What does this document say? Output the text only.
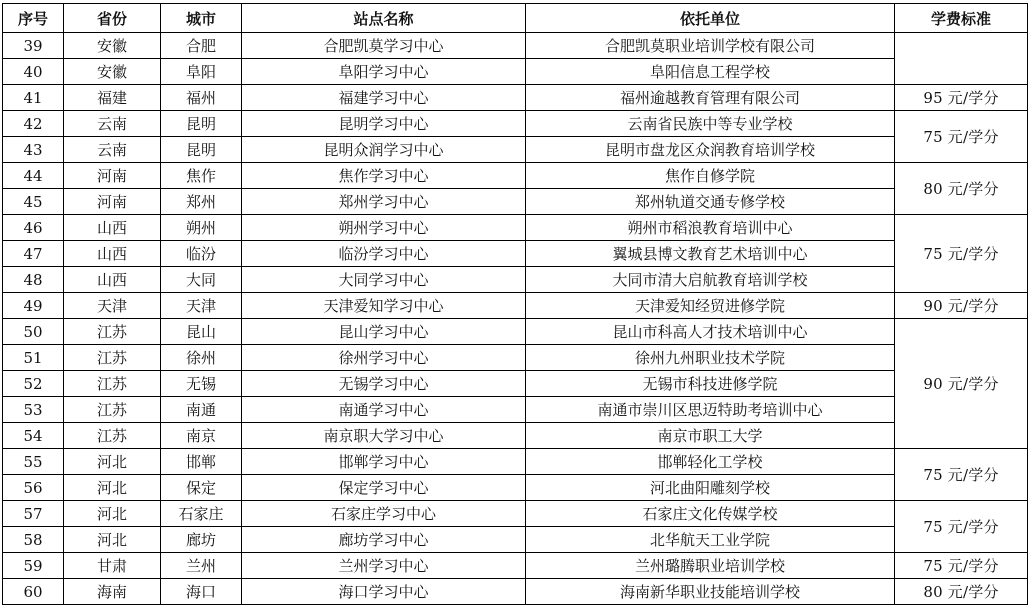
序号	省份	城市	站点名称	依托单位	学费标准
39	安徽	合肥	合肥凯莫学习中心	合肥凯莫职业培训学校有限公司	
40	安徽	阜阳	阜阳学习中心	阜阳信息工程学校	
41	福建	福州	福建学习中心	福州逾越教育管理有限公司	95 元/学分
42	云南	昆明	昆明学习中心	云南省民族中等专业学校	75 元/学分
43	云南	昆明	昆明众润学习中心	昆明市盘龙区众润教育培训学校	
44	河南	焦作	焦作学习中心	焦作自修学院	80 元/学分
45	河南	郑州	郑州学习中心	郑州轨道交通专修学校	
46	山西	朔州	朔州学习中心	朔州市稻浪教育培训中心	75 元/学分
47	山西	临汾	临汾学习中心	翼城县博文教育艺术培训中心	
48	山西	大同	大同学习中心	大同市清大启航教育培训学校	
49	天津	天津	天津爱知学习中心	天津爱知经贸进修学院	90 元/学分
50	江苏	昆山	昆山学习中心	昆山市科高人才技术培训中心	90 元/学分
51	江苏	徐州	徐州学习中心	徐州九州职业技术学院	
52	江苏	无锡	无锡学习中心	无锡市科技进修学院	
53	江苏	南通	南通学习中心	南通市崇川区思迈特助考培训中心	
54	江苏	南京	南京职大学习中心	南京市职工大学	
55	河北	邯郸	邯郸学习中心	邯郸轻化工学校	75 元/学分
56	河北	保定	保定学习中心	河北曲阳雕刻学校	
57	河北	石家庄	石家庄学习中心	石家庄文化传媒学校	75 元/学分
58	河北	廊坊	廊坊学习中心	北华航天工业学院	
59	甘肃	兰州	兰州学习中心	兰州璐腾职业培训学校	75 元/学分
60	海南	海口	海口学习中心	海南新华职业技能培训学校	80 元/学分
